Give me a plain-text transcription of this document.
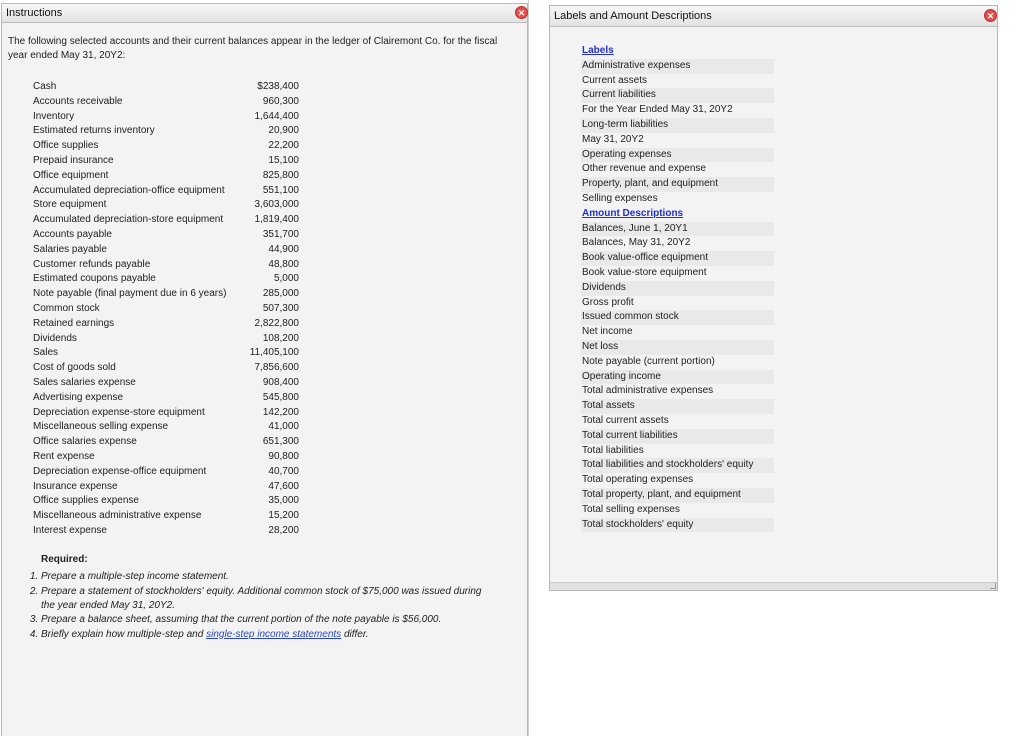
Instructions	✕
The following selected accounts and their current balances appear in the ledger of Clairemont Co. for the fiscal year ended May 31, 20Y2:
Cash	$238,400
Accounts receivable	960,300
Inventory	1,644,400
Estimated returns inventory	20,900
Office supplies	22,200
Prepaid insurance	15,100
Office equipment	825,800
Accumulated depreciation-office equipment	551,100
Store equipment	3,603,000
Accumulated depreciation-store equipment	1,819,400
Accounts payable	351,700
Salaries payable	44,900
Customer refunds payable	48,800
Estimated coupons payable	5,000
Note payable (final payment due in 6 years)	285,000
Common stock	507,300
Retained earnings	2,822,800
Dividends	108,200
Sales	11,405,100
Cost of goods sold	7,856,600
Sales salaries expense	908,400
Advertising expense	545,800
Depreciation expense-store equipment	142,200
Miscellaneous selling expense	41,000
Office salaries expense	651,300
Rent expense	90,800
Depreciation expense-office equipment	40,700
Insurance expense	47,600
Office supplies expense	35,000
Miscellaneous administrative expense	15,200
Interest expense	28,200
Required:
1. Prepare a multiple-step income statement.
2. Prepare a statement of stockholders' equity. Additional common stock of $75,000 was issued during the year ended May 31, 20Y2.
3. Prepare a balance sheet, assuming that the current portion of the note payable is $56,000.
4. Briefly explain how multiple-step and single-step income statements differ.
Labels and Amount Descriptions	✕
Labels
Administrative expenses
Current assets
Current liabilities
For the Year Ended May 31, 20Y2
Long-term liabilities
May 31, 20Y2
Operating expenses
Other revenue and expense
Property, plant, and equipment
Selling expenses
Amount Descriptions
Balances, June 1, 20Y1
Balances, May 31, 20Y2
Book value-office equipment
Book value-store equipment
Dividends
Gross profit
Issued common stock
Net income
Net loss
Note payable (current portion)
Operating income
Total administrative expenses
Total assets
Total current assets
Total current liabilities
Total liabilities
Total liabilities and stockholders' equity
Total operating expenses
Total property, plant, and equipment
Total selling expenses
Total stockholders' equity
